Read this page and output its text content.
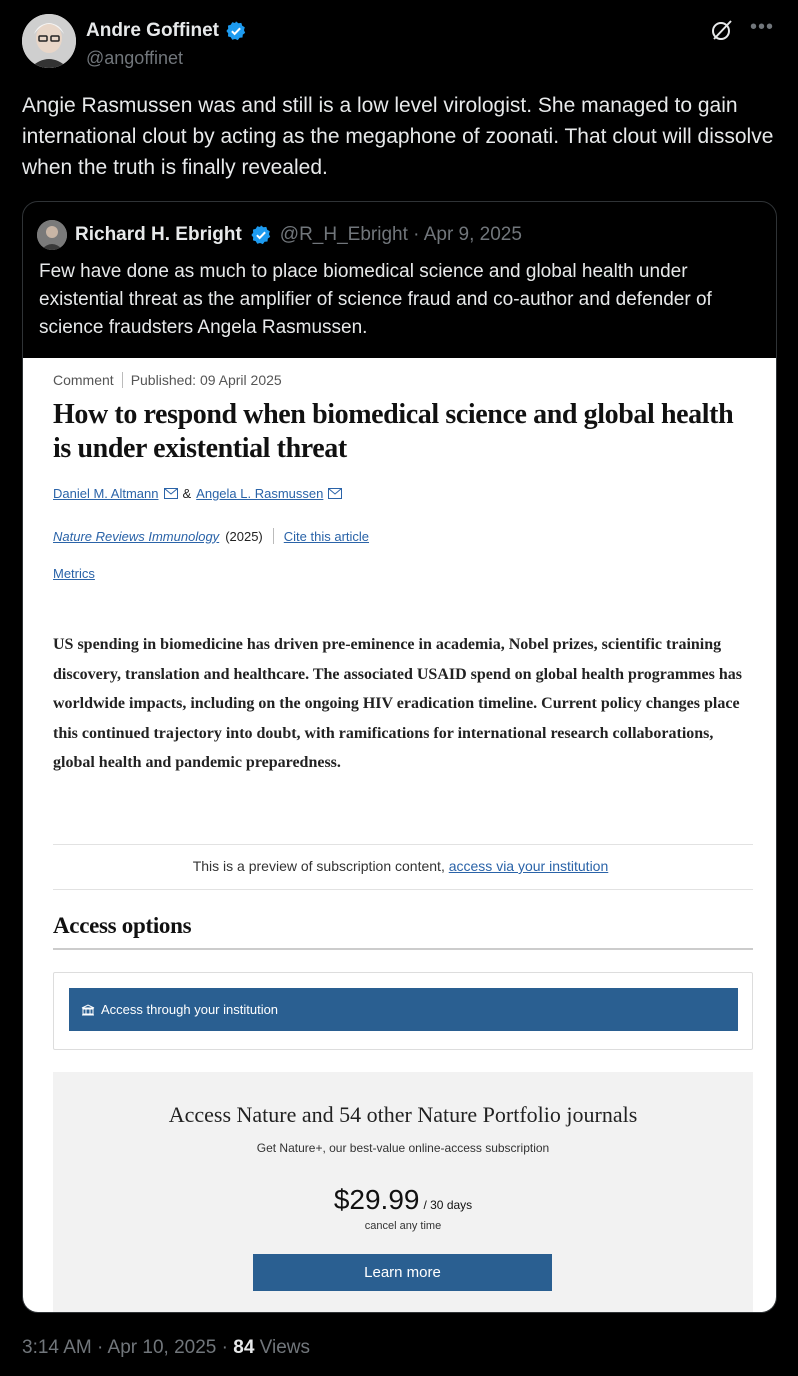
Andre Goffinet
@angoffinet
•••
Angie Rasmussen was and still is a low level virologist. She managed to gain international clout by acting as the megaphone of zoonati. That clout will dissolve when the truth is finally revealed.
Richard H. Ebright @R_H_Ebright · Apr 9, 2025
Few have done as much to place biomedical science and global health under existential threat as the amplifier of science fraud and co-author and defender of science fraudsters Angela Rasmussen.
Comment Published: 09 April 2025
How to respond when biomedical science and global health is under existential threat
Daniel M. Altmann & Angela L. Rasmussen
Nature Reviews Immunology (2025) Cite this article
Metrics
US spending in biomedicine has driven pre-eminence in academia, Nobel prizes, scientific training discovery, translation and healthcare. The associated USAID spend on global health programmes has worldwide impacts, including on the ongoing HIV eradication timeline. Current policy changes place this continued trajectory into doubt, with ramifications for international research collaborations, global health and pandemic preparedness.
This is a preview of subscription content, access via your institution
Access options
Access through your institution
Access Nature and 54 other Nature Portfolio journals
Get Nature+, our best-value online-access subscription
$29.99 / 30 days
cancel any time
Learn more
3:14 AM · Apr 10, 2025 · 84 Views
